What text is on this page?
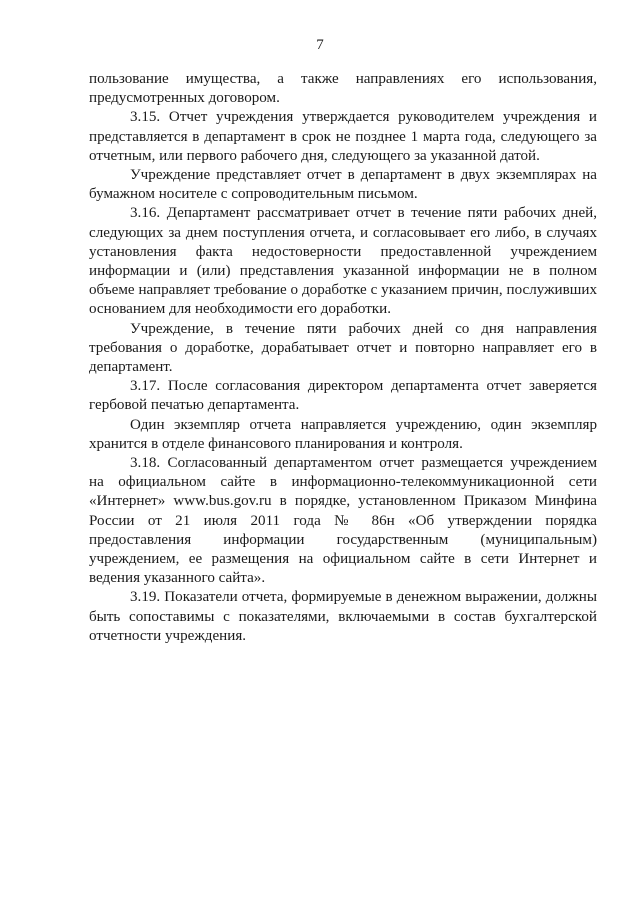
7

пользование имущества, а также направлениях его использования, предусмотренных договором.

3.15. Отчет учреждения утверждается руководителем учреждения и представляется в департамент в срок не позднее 1 марта года, следующего за отчетным, или первого рабочего дня, следующего за указанной датой.

Учреждение представляет отчет в департамент в двух экземплярах на бумажном носителе с сопроводительным письмом.

3.16. Департамент рассматривает отчет в течение пяти рабочих дней, следующих за днем поступления отчета, и согласовывает его либо, в случаях установления факта недостоверности предоставленной учреждением информации и (или) представления указанной информации не в полном объеме направляет требование о доработке с указанием причин, послуживших основанием для необходимости его доработки.

Учреждение, в течение пяти рабочих дней со дня направления требования о доработке, дорабатывает отчет и повторно направляет его в департамент.

3.17. После согласования директором департамента отчет заверяется гербовой печатью департамента.

Один экземпляр отчета направляется учреждению, один экземпляр хранится в отделе финансового планирования и контроля.

3.18. Согласованный департаментом отчет размещается учреждением на официальном сайте в информационно-телекоммуникационной сети «Интернет» www.bus.gov.ru в порядке, установленном Приказом Минфина России от 21 июля 2011 года № 86н «Об утверждении порядка предоставления информации государственным (муниципальным) учреждением, ее размещения на официальном сайте в сети Интернет и ведения указанного сайта».

3.19. Показатели отчета, формируемые в денежном выражении, должны быть сопоставимы с показателями, включаемыми в состав бухгалтерской отчетности учреждения.
